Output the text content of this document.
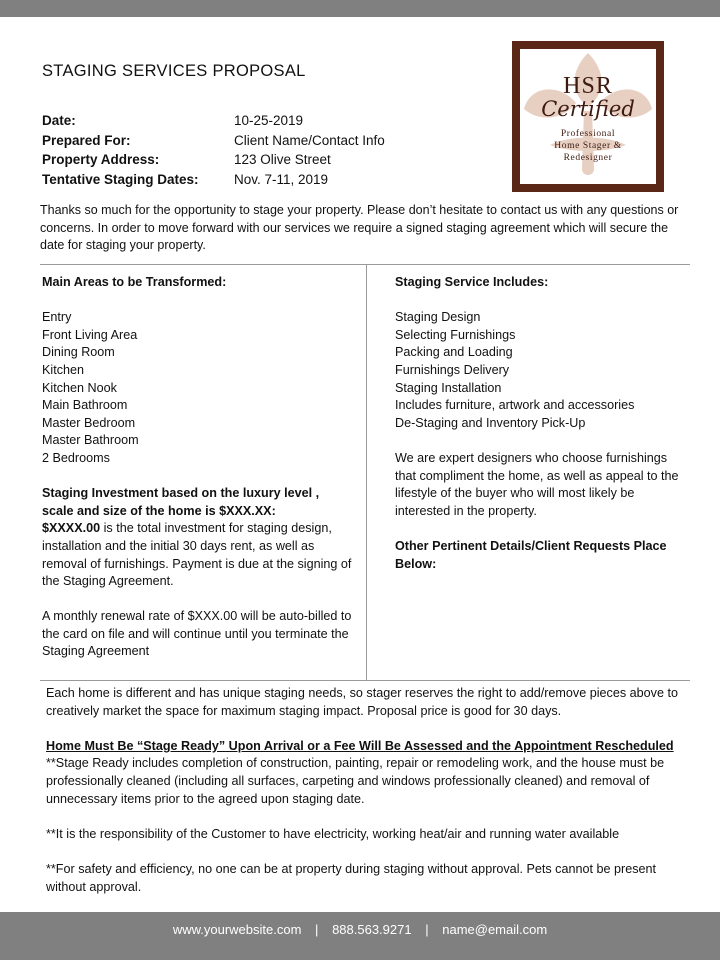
STAGING SERVICES PROPOSAL
Date:	10-25-2019
Prepared For:	Client Name/Contact Info
Property Address:	123 Olive Street
Tentative Staging Dates:	Nov. 7-11, 2019
HSR
Certified
Professional
Home Stager &
Redesigner
Thanks so much for the opportunity to stage your property. Please don’t hesitate to contact us with any questions or concerns. In order to move forward with our services we require a signed staging agreement which will secure the date for staging your property.

Main Areas to be Transformed:

Entry

Front Living Area

Dining Room

Kitchen

Kitchen Nook

Main Bathroom

Master Bedroom

Master Bathroom

2 Bedrooms

Staging Investment based on the luxury level , scale and size of the home is $XXX.XX:

$XXXX.00 is the total investment for staging design, installation and the initial 30 days rent, as well as removal of furnishings. Payment is due at the signing of the Staging Agreement.

A monthly renewal rate of $XXX.00 will be auto-billed to the card on file and will continue until you terminate the Staging Agreement

Staging Service Includes:

Staging Design

Selecting Furnishings

Packing and Loading

Furnishings Delivery

Staging Installation

Includes furniture, artwork and accessories

De-Staging and Inventory Pick-Up

We are expert designers who choose furnishings that compliment the home, as well as appeal to the lifestyle of the buyer who will most likely be interested in the property.

Other Pertinent Details/Client Requests Place Below:

Each home is different and has unique staging needs, so stager reserves the right to add/remove pieces above to creatively market the space for maximum staging impact. Proposal price is good for 30 days.

Home Must Be “Stage Ready” Upon Arrival or a Fee Will Be Assessed and the Appointment Rescheduled

**Stage Ready includes completion of construction, painting, repair or remodeling work, and the house must be professionally cleaned (including all surfaces, carpeting and windows professionally cleaned) and removal of unnecessary items prior to the agreed upon staging date.

**It is the responsibility of the Customer to have electricity, working heat/air and running water available

**For safety and efficiency, no one can be at property during staging without approval. Pets cannot be present without approval.

www.yourwebsite.com | 888.563.9271 | name@email.com
